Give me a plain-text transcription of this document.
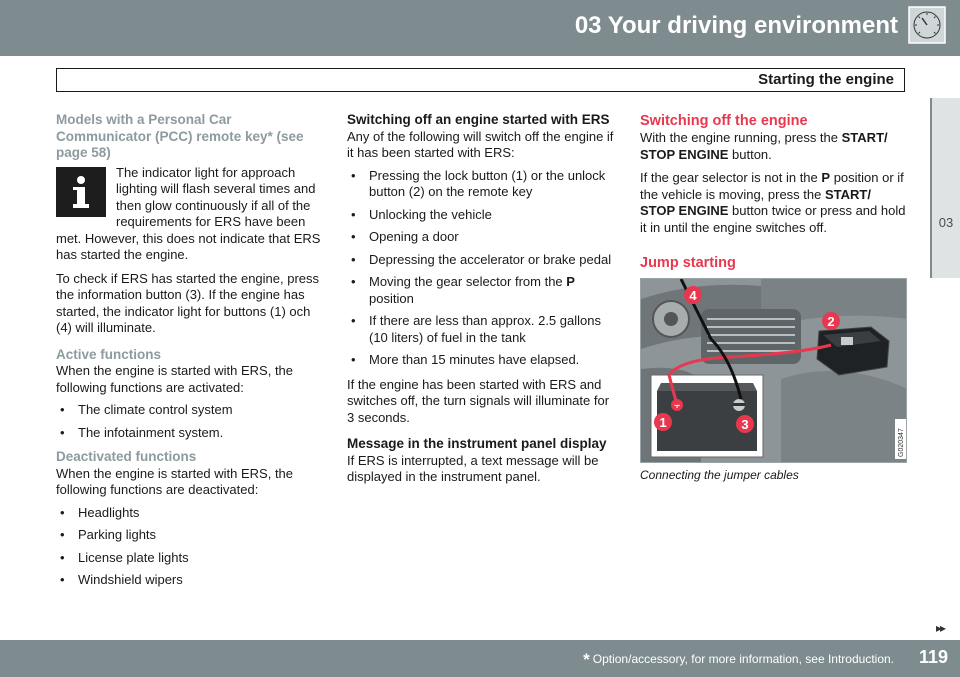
03 Your driving environment
Starting the engine
03
Models with a Personal Car Communicator (PCC) remote key* (see page 58)

The indicator light for approach lighting will flash several times and then glow continuously if all of the requirements for ERS have been met. However, this does not indicate that ERS has started the engine.

To check if ERS has started the engine, press the information button (3). If the engine has started, the indicator light for buttons (1) och (4) will illuminate.

Active functions

When the engine is started with ERS, the following functions are activated:

• The climate control system
• The infotainment system.
Deactivated functions

When the engine is started with ERS, the following functions are deactivated:

• Headlights
• Parking lights
• License plate lights
• Windshield wipers
Switching off an engine started with ERS

Any of the following will switch off the engine if it has been started with ERS:

• Pressing the lock button (1) or the unlock button (2) on the remote key
• Unlocking the vehicle
• Opening a door
• Depressing the accelerator or brake pedal
• Moving the gear selector from the P position
• If there are less than approx. 2.5 gallons (10 liters) of fuel in the tank
• More than 15 minutes have elapsed.

If the engine has been started with ERS and switches off, the turn signals will illuminate for 3 seconds.

Message in the instrument panel display

If ERS is interrupted, a text message will be displayed in the instrument panel.

Switching off the engine

With the engine running, press the START/ STOP ENGINE button.

If the gear selector is not in the P position or if the vehicle is moving, press the START/ STOP ENGINE button twice or press and hold it in until the engine switches off.

Jump starting
+
1
2
3
4
G020347
Connecting the jumper cables
▸▸
* Option/accessory, for more information, see Introduction. 119
